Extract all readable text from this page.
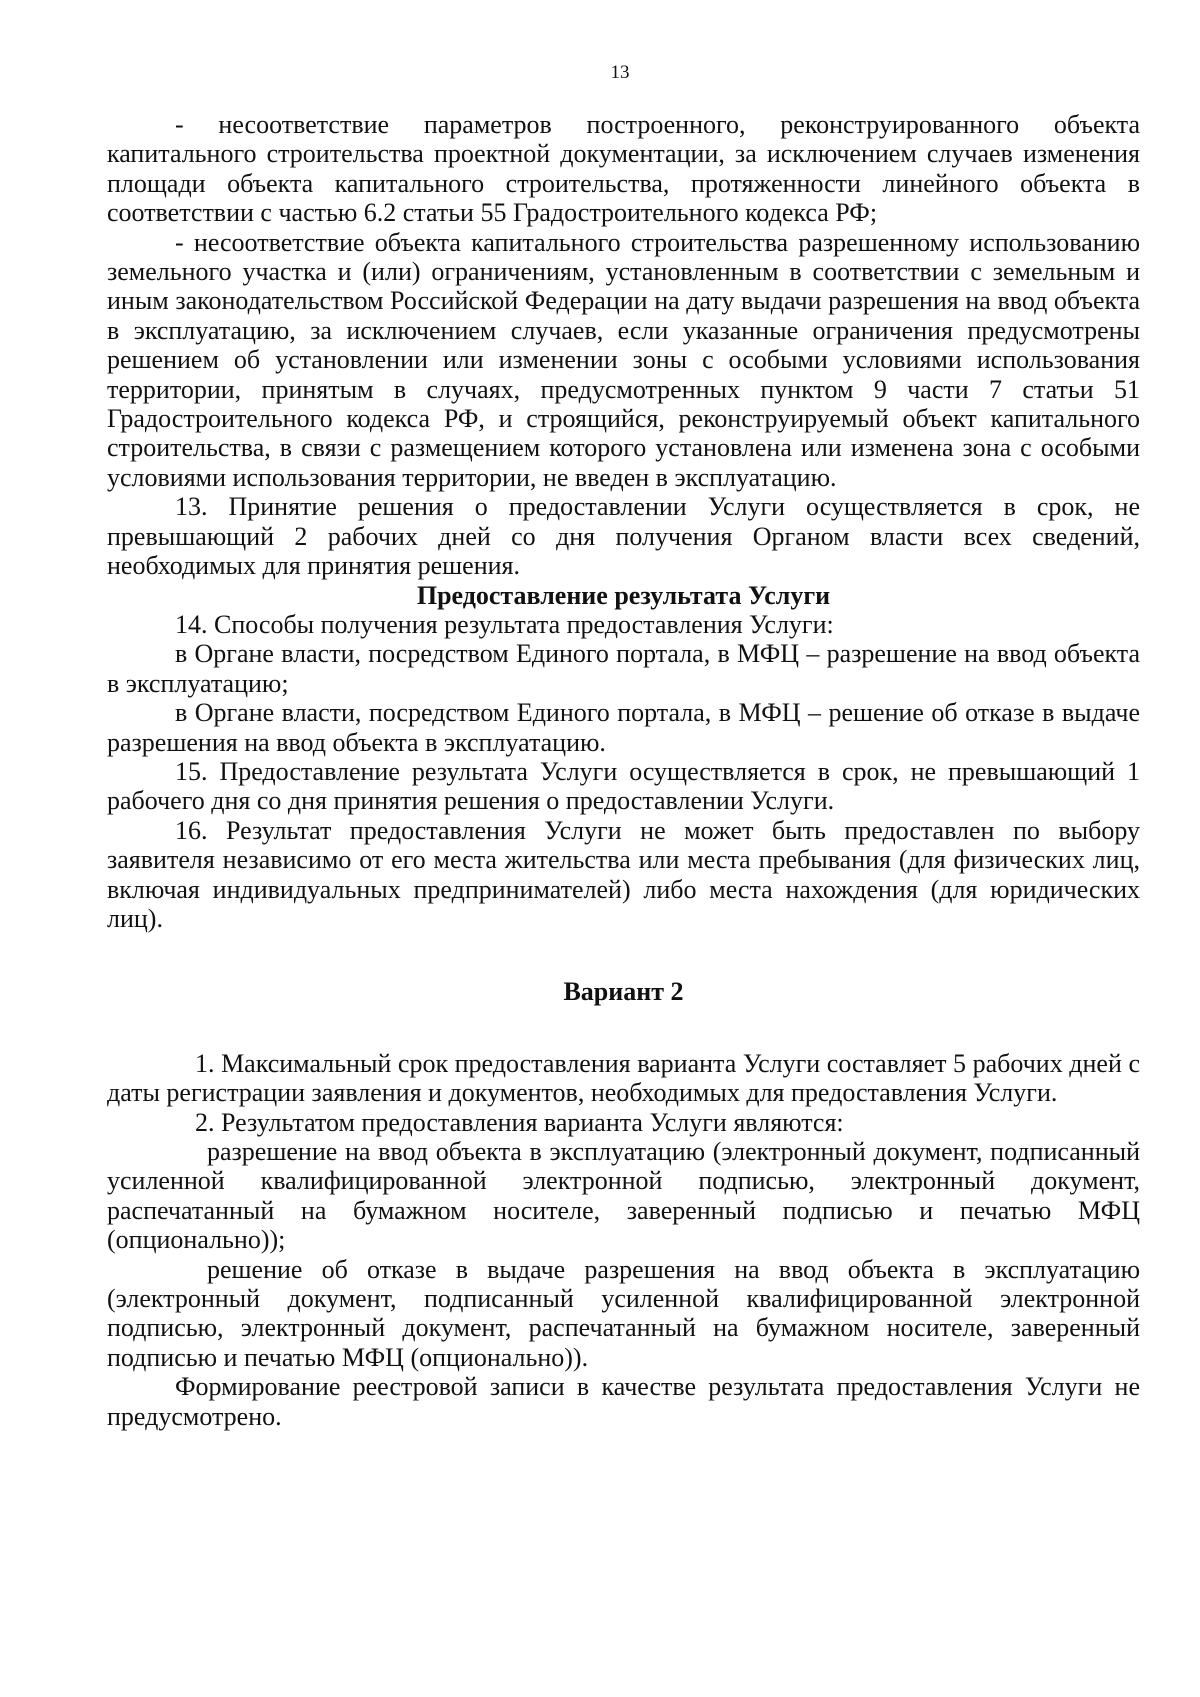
13

- несоответствие параметров построенного, реконструированного объекта капитального строительства проектной документации, за исключением случаев изменения площади объекта капитального строительства, протяженности линейного объекта в соответствии с частью 6.2 статьи 55 Градостроительного кодекса РФ;

- несоответствие объекта капитального строительства разрешенному использованию земельного участка и (или) ограничениям, установленным в соответствии с земельным и иным законодательством Российской Федерации на дату выдачи разрешения на ввод объекта в эксплуатацию, за исключением случаев, если указанные ограничения предусмотрены решением об установлении или изменении зоны с особыми условиями использования территории, принятым в случаях, предусмотренных пунктом 9 части 7 статьи 51 Градостроительного кодекса РФ, и строящийся, реконструируемый объект капитального строительства, в связи с размещением которого установлена или изменена зона с особыми условиями использования территории, не введен в эксплуатацию.

13. Принятие решения о предоставлении Услуги осуществляется в срок, не превышающий 2 рабочих дней со дня получения Органом власти всех сведений, необходимых для принятия решения.

Предоставление результата Услуги

14. Способы получения результата предоставления Услуги:

в Органе власти, посредством Единого портала, в МФЦ – разрешение на ввод объекта в эксплуатацию;

в Органе власти, посредством Единого портала, в МФЦ – решение об отказе в выдаче разрешения на ввод объекта в эксплуатацию.

15. Предоставление результата Услуги осуществляется в срок, не превышающий 1 рабочего дня со дня принятия решения о предоставлении Услуги.

16. Результат предоставления Услуги не может быть предоставлен по выбору заявителя независимо от его места жительства или места пребывания (для физических лиц, включая индивидуальных предпринимателей) либо места нахождения (для юридических лиц).

Вариант 2

1. Максимальный срок предоставления варианта Услуги составляет 5 рабочих дней с даты регистрации заявления и документов, необходимых для предоставления Услуги.

2. Результатом предоставления варианта Услуги являются:

разрешение на ввод объекта в эксплуатацию (электронный документ, подписанный усиленной квалифицированной электронной подписью, электронный документ, распечатанный на бумажном носителе, заверенный подписью и печатью МФЦ (опционально));

решение об отказе в выдаче разрешения на ввод объекта в эксплуатацию (электронный документ, подписанный усиленной квалифицированной электронной подписью, электронный документ, распечатанный на бумажном носителе, заверенный подписью и печатью МФЦ (опционально)).

Формирование реестровой записи в качестве результата предоставления Услуги не предусмотрено.
